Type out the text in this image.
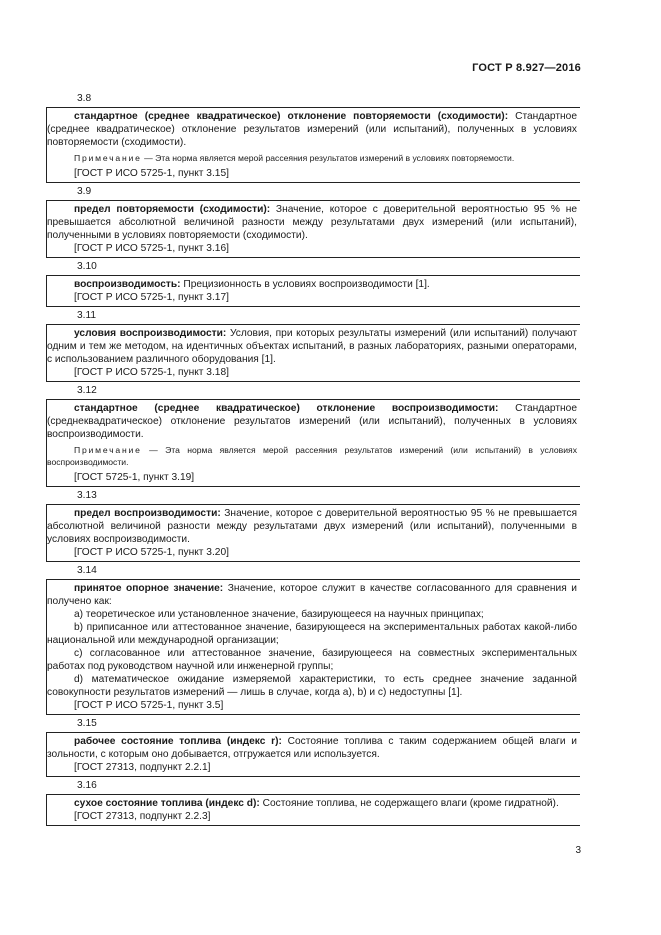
ГОСТ Р 8.927—2016
3.8

стандартное (среднее квадратическое) отклонение повторяемости (сходимости): Стандартное (среднее квадратическое) отклонение результатов измерений (или испытаний), полученных в условиях повторяемости (сходимости).

Примечание — Эта норма является мерой рассеяния результатов измерений в условиях повторяемости.

[ГОСТ Р ИСО 5725-1, пункт 3.15]

3.9

предел повторяемости (сходимости): Значение, которое с доверительной вероятностью 95 % не превышается абсолютной величиной разности между результатами двух измерений (или испытаний), полученными в условиях повторяемости (сходимости).

[ГОСТ Р ИСО 5725-1, пункт 3.16]

3.10

воспроизводимость: Прецизионность в условиях воспроизводимости [1].

[ГОСТ Р ИСО 5725-1, пункт 3.17]

3.11

условия воспроизводимости: Условия, при которых результаты измерений (или испытаний) получают одним и тем же методом, на идентичных объектах испытаний, в разных лабораториях, разными операторами, с использованием различного оборудования [1].

[ГОСТ Р ИСО 5725-1, пункт 3.18]

3.12

стандартное (среднее квадратическое) отклонение воспроизводимости: Стандартное (среднеквадратическое) отклонение результатов измерений (или испытаний), полученных в условиях воспроизводимости.

Примечание — Эта норма является мерой рассеяния результатов измерений (или испытаний) в условиях воспроизводимости.

[ГОСТ 5725-1, пункт 3.19]

3.13

предел воспроизводимости: Значение, которое с доверительной вероятностью 95 % не превышается абсолютной величиной разности между результатами двух измерений (или испытаний), полученными в условиях воспроизводимости.

[ГОСТ Р ИСО 5725-1, пункт 3.20]

3.14

принятое опорное значение: Значение, которое служит в качестве согласованного для сравнения и получено как:

а) теоретическое или установленное значение, базирующееся на научных принципах;

b) приписанное или аттестованное значение, базирующееся на экспериментальных работах какой-либо национальной или международной организации;

с) согласованное или аттестованное значение, базирующееся на совместных экспериментальных работах под руководством научной или инженерной группы;

d) математическое ожидание измеряемой характеристики, то есть среднее значение заданной совокупности результатов измерений — лишь в случае, когда а), b) и с) недоступны [1].

[ГОСТ Р ИСО 5725-1, пункт 3.5]

3.15

рабочее состояние топлива (индекс r): Состояние топлива с таким содержанием общей влаги и зольности, с которым оно добывается, отгружается или используется.

[ГОСТ 27313, подпункт 2.2.1]

3.16

сухое состояние топлива (индекс d): Состояние топлива, не содержащего влаги (кроме гидратной).

[ГОСТ 27313, подпункт 2.2.3]

3
